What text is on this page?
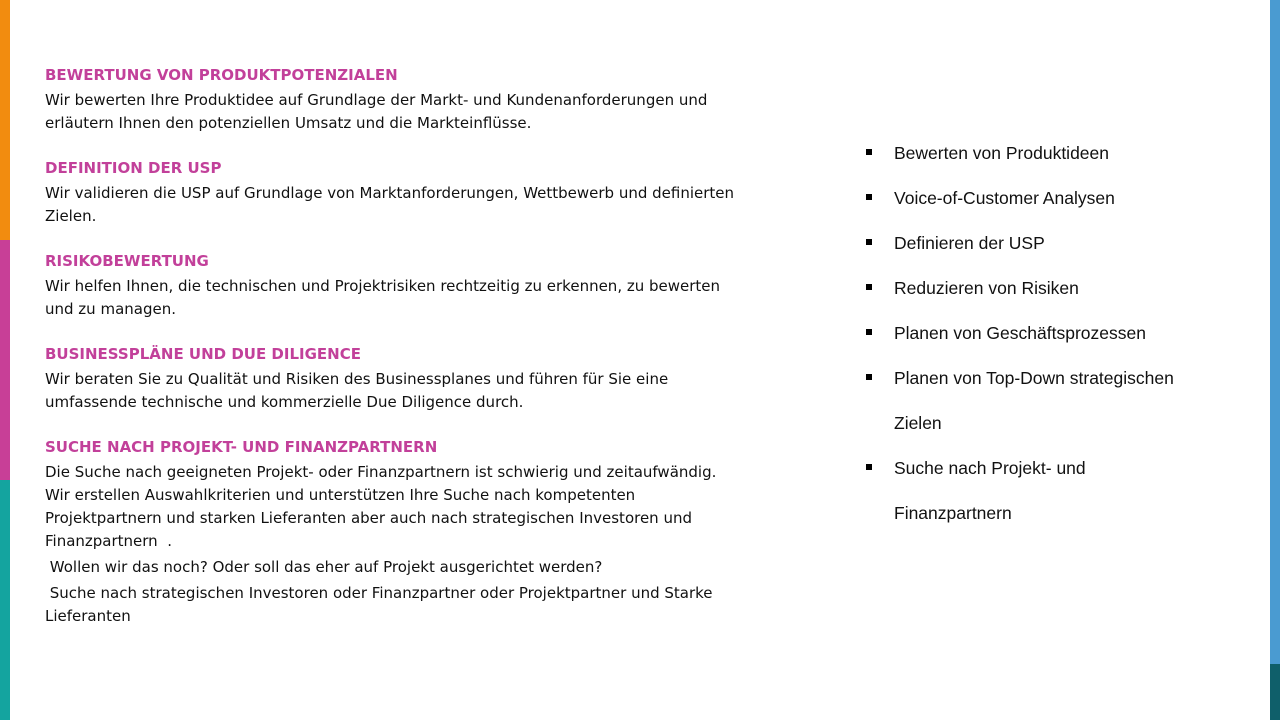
BEWERTUNG VON PRODUKTPOTENZIALEN
Wir bewerten Ihre Produktidee auf Grundlage der Markt- und Kundenanforderungen und
erläutern Ihnen den potenziellen Umsatz und die Markteinflüsse.
DEFINITION DER USP
Wir validieren die USP auf Grundlage von Marktanforderungen, Wettbewerb und definierten
Zielen.
RISIKOBEWERTUNG
Wir helfen Ihnen, die technischen und Projektrisiken rechtzeitig zu erkennen, zu bewerten
und zu managen.
BUSINESSPLÄNE UND DUE DILIGENCE
Wir beraten Sie zu Qualität und Risiken des Businessplanes und führen für Sie eine
umfassende technische und kommerzielle Due Diligence durch.
SUCHE NACH PROJEKT- UND FINANZPARTNERN
Die Suche nach geeigneten Projekt- oder Finanzpartnern ist schwierig und zeitaufwändig.
Wir erstellen Auswahlkriterien und unterstützen Ihre Suche nach kompetenten
Projektpartnern und starken Lieferanten aber auch nach strategischen Investoren und
Finanzpartnern  .
Wollen wir das noch? Oder soll das eher auf Projekt ausgerichtet werden?
Suche nach strategischen Investoren oder Finanzpartner oder Projektpartner und Starke
Lieferanten
Bewerten von Produktideen
Voice-of-Customer Analysen
Definieren der USP
Reduzieren von Risiken
Planen von Geschäftsprozessen
Planen von Top-Down strategischen
Zielen
Suche nach Projekt- und
Finanzpartnern
